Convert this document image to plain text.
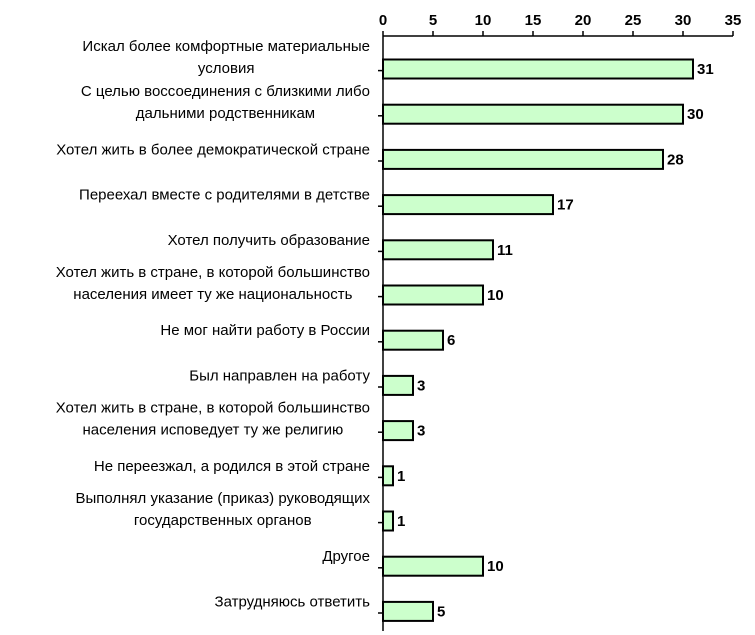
0	5 10 15 20 25 30 35
Искал более комфортные материальные условия
С целью воссоединения с близкими либо дальними родственникам
Хотел жить в более демократической стране
Переехал вместе с родителями в детстве
Хотел получить образование
Хотел жить в стране, в которой большинство населения имеет ту же национальность
Не мог найти работу в России
Был направлен на работу
Хотел жить в стране, в которой большинство населения исповедует ту же религию
Не переезжал, а родился в этой стране
Выполнял указание (приказ) руководящих государственных органов
Другое
Затрудняюсь ответить
31
30
28
17
11
10
6
3
3
1
1
10
5
